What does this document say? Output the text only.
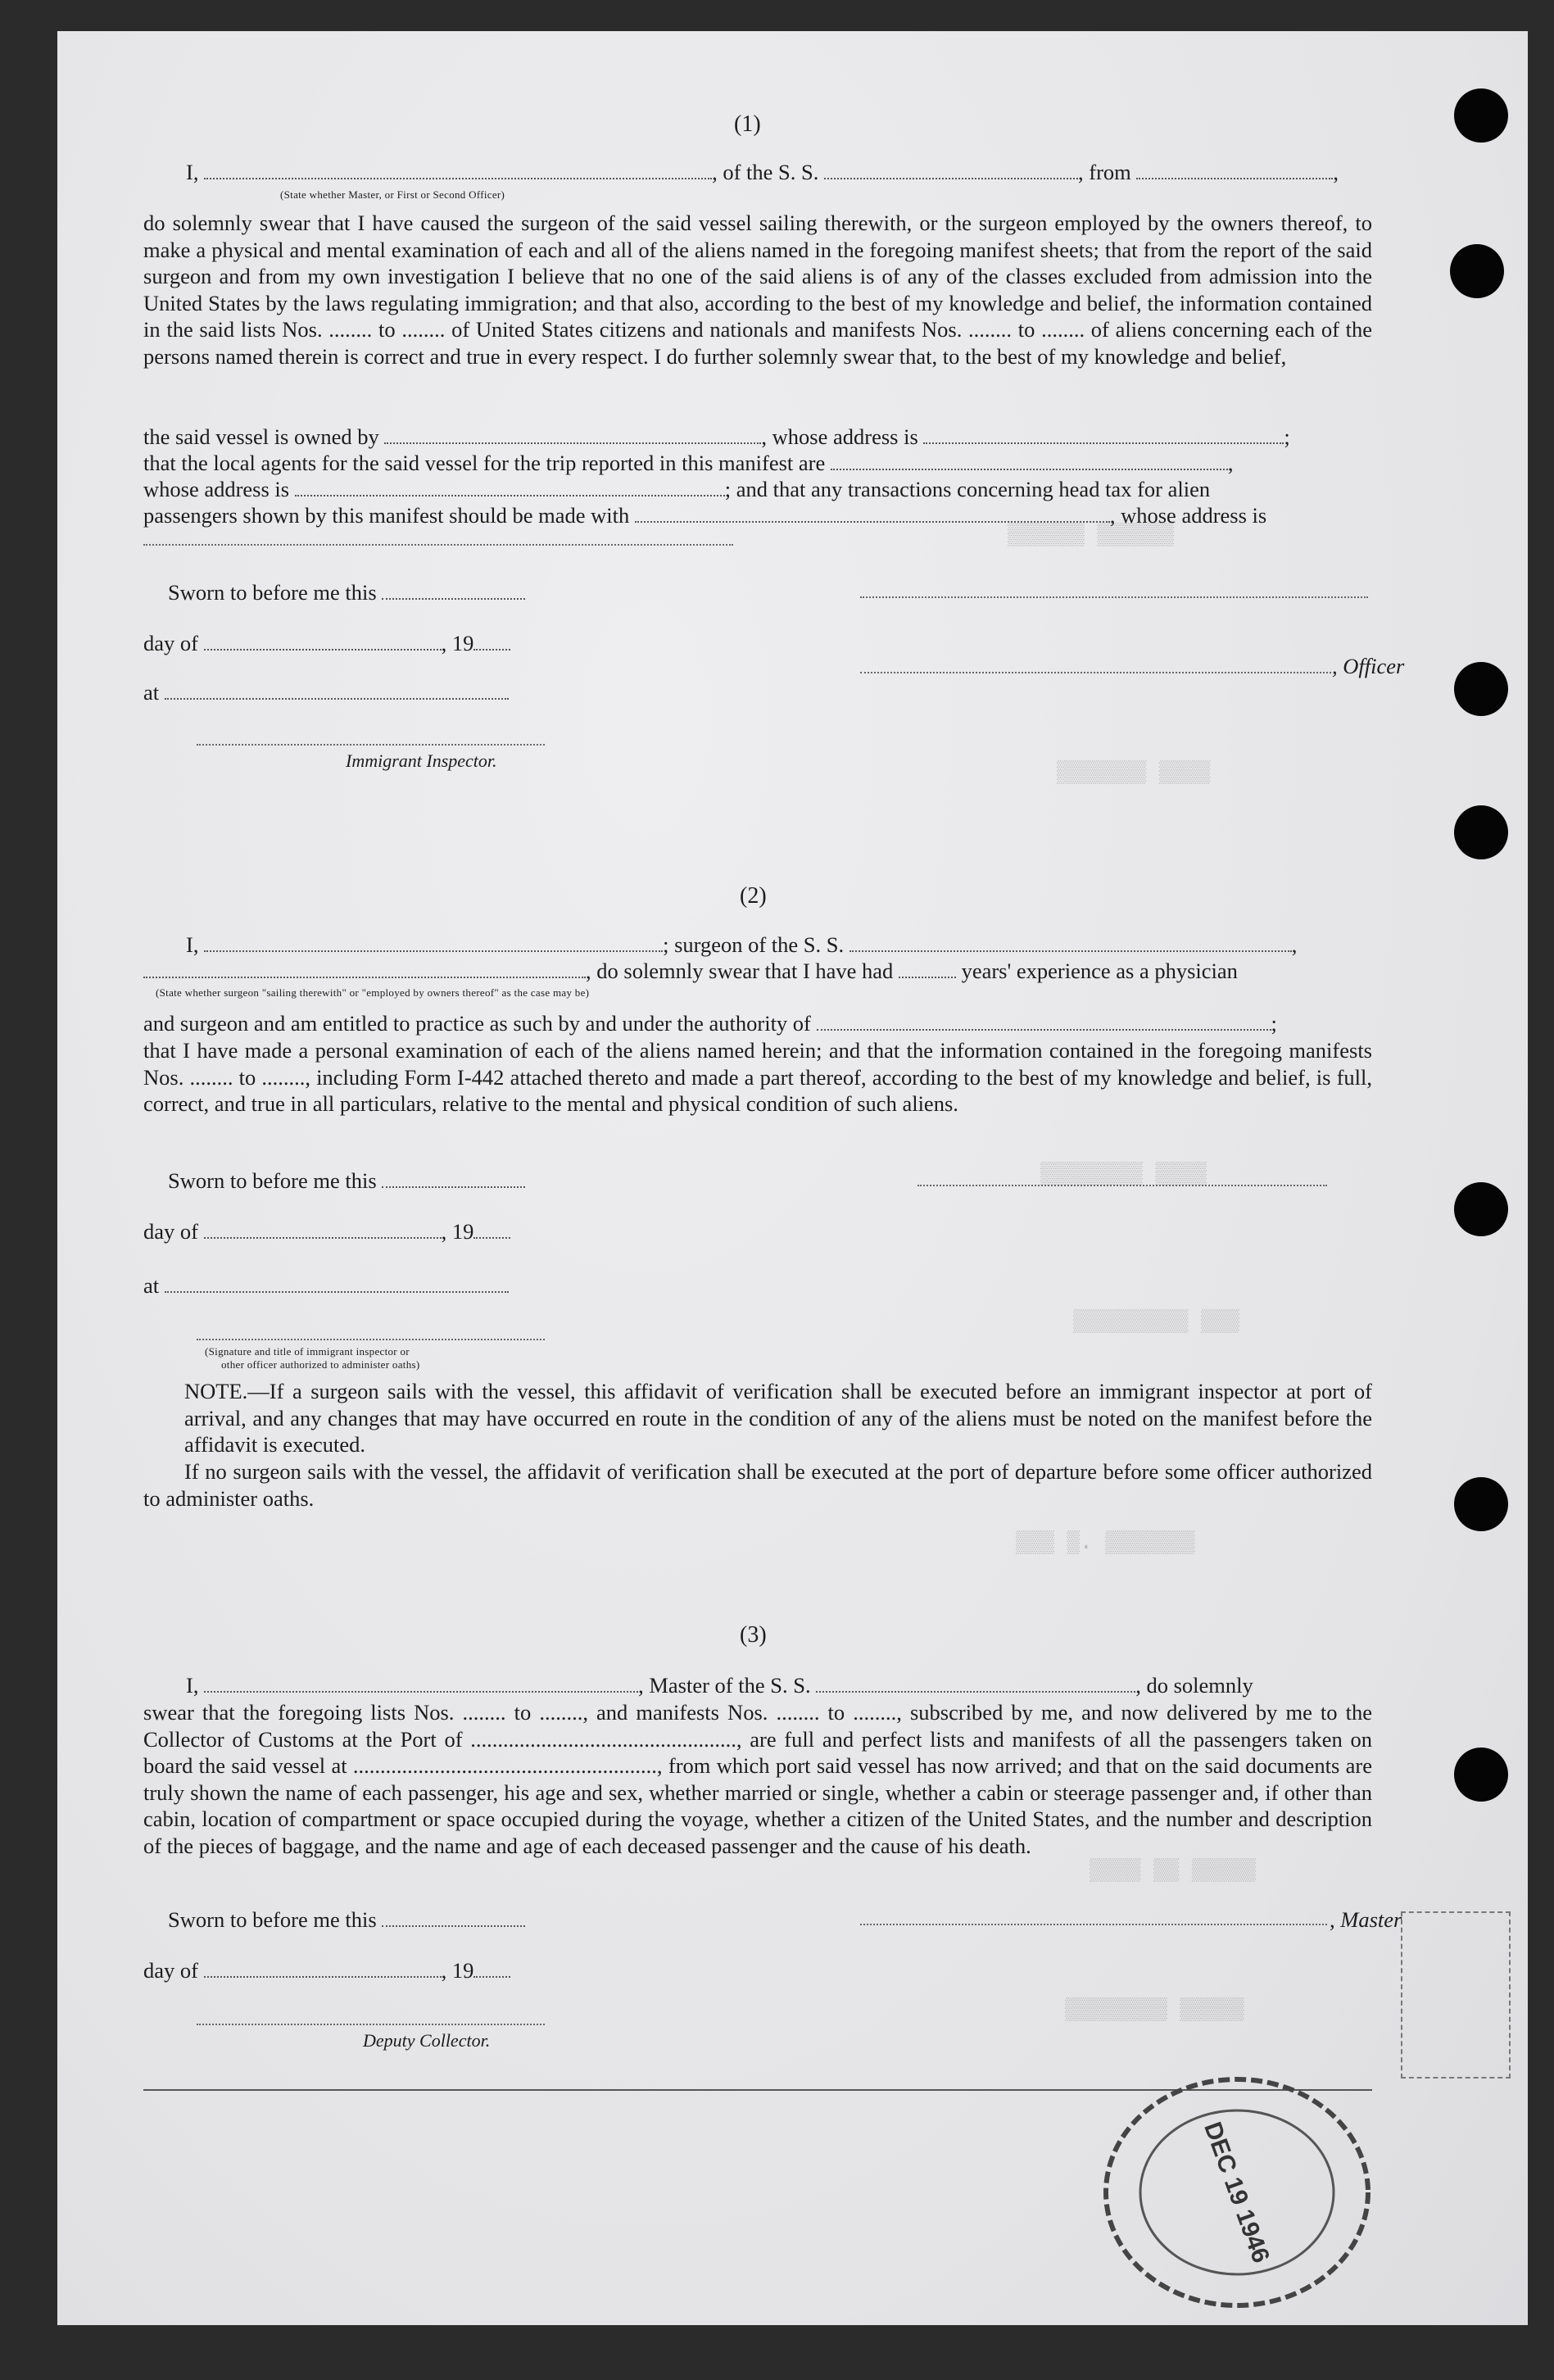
▒▒▒▒▒▒ ▒▒▒▒▒▒
▒▒▒▒▒▒▒ ▒▒▒▒
▒▒▒▒▒▒▒▒ ▒▒▒▒
▒▒▒▒▒▒▒▒▒ ▒▒▒
▒▒▒ ▒. ▒▒▒▒▒▒▒
▒▒▒▒ ▒▒ ▒▒▒▒▒
▒▒▒▒▒▒▒▒ ▒▒▒▒▒
(1)
I,	, of the S. S.	, from	,
(State whether Master, or First or Second Officer)
do solemnly swear that I have caused the surgeon of the said vessel sailing therewith, or the surgeon employed by the owners thereof, to make a physical and mental examination of each and all of the aliens named in the foregoing manifest sheets; that from the report of the said surgeon and from my own investigation I believe that no one of the said aliens is of any of the classes excluded from admission into the United States by the laws regulating immigration; and that also, according to the best of my knowledge and belief, the information contained in the said lists Nos. ........ to ........ of United States citizens and nationals and manifests Nos. ........ to ........ of aliens concerning each of the persons named therein is correct and true in every respect. I do further solemnly swear that, to the best of my knowledge and belief,
the said vessel is owned by	, whose address is	;
that the local agents for the said vessel for the trip reported in this manifest are	,
whose address is	; and that any transactions concerning head tax for alien
passengers shown by this manifest should be made with	, whose address is
Sworn to before me this
day of	, 19
, Officer
at
Immigrant Inspector.
(2)
I,	; surgeon of the S. S.	,
, do solemnly swear that I have had	years' experience as a physician
(State whether surgeon "sailing therewith" or "employed by owners thereof" as the case may be)
and surgeon and am entitled to practice as such by and under the authority of	;
that I have made a personal examination of each of the aliens named herein; and that the information contained in the foregoing manifests Nos. ........ to ........, including Form I-442 attached thereto and made a part thereof, according to the best of my knowledge and belief, is full, correct, and true in all particulars, relative to the mental and physical condition of such aliens.
Sworn to before me this
day of	, 19
at
(Signature and title of immigrant inspector or
other officer authorized to administer oaths)
NOTE.—If a surgeon sails with the vessel, this affidavit of verification shall be executed before an immigrant inspector at port of arrival, and any changes that may have occurred en route in the condition of any of the aliens must be noted on the manifest before the affidavit is executed.
If no surgeon sails with the vessel, the affidavit of verification shall be executed at the port of departure before some officer authorized to administer oaths.
(3)
I,	, Master of the S. S.	, do solemnly
swear that the foregoing lists Nos. ........ to ........, and manifests Nos. ........ to ........, subscribed by me, and now delivered by me to the Collector of Customs at the Port of ................................................., are full and perfect lists and manifests of all the passengers taken on board the said vessel at ........................................................, from which port said vessel has now arrived; and that on the said documents are truly shown the name of each passenger, his age and sex, whether married or single, whether a cabin or steerage passenger and, if other than cabin, location of compartment or space occupied during the voyage, whether a citizen of the United States, and the number and description of the pieces of baggage, and the name and age of each deceased passenger and the cause of his death.
Sworn to before me this	, Master
day of	, 19
Deputy Collector.
DEC 19 1946
